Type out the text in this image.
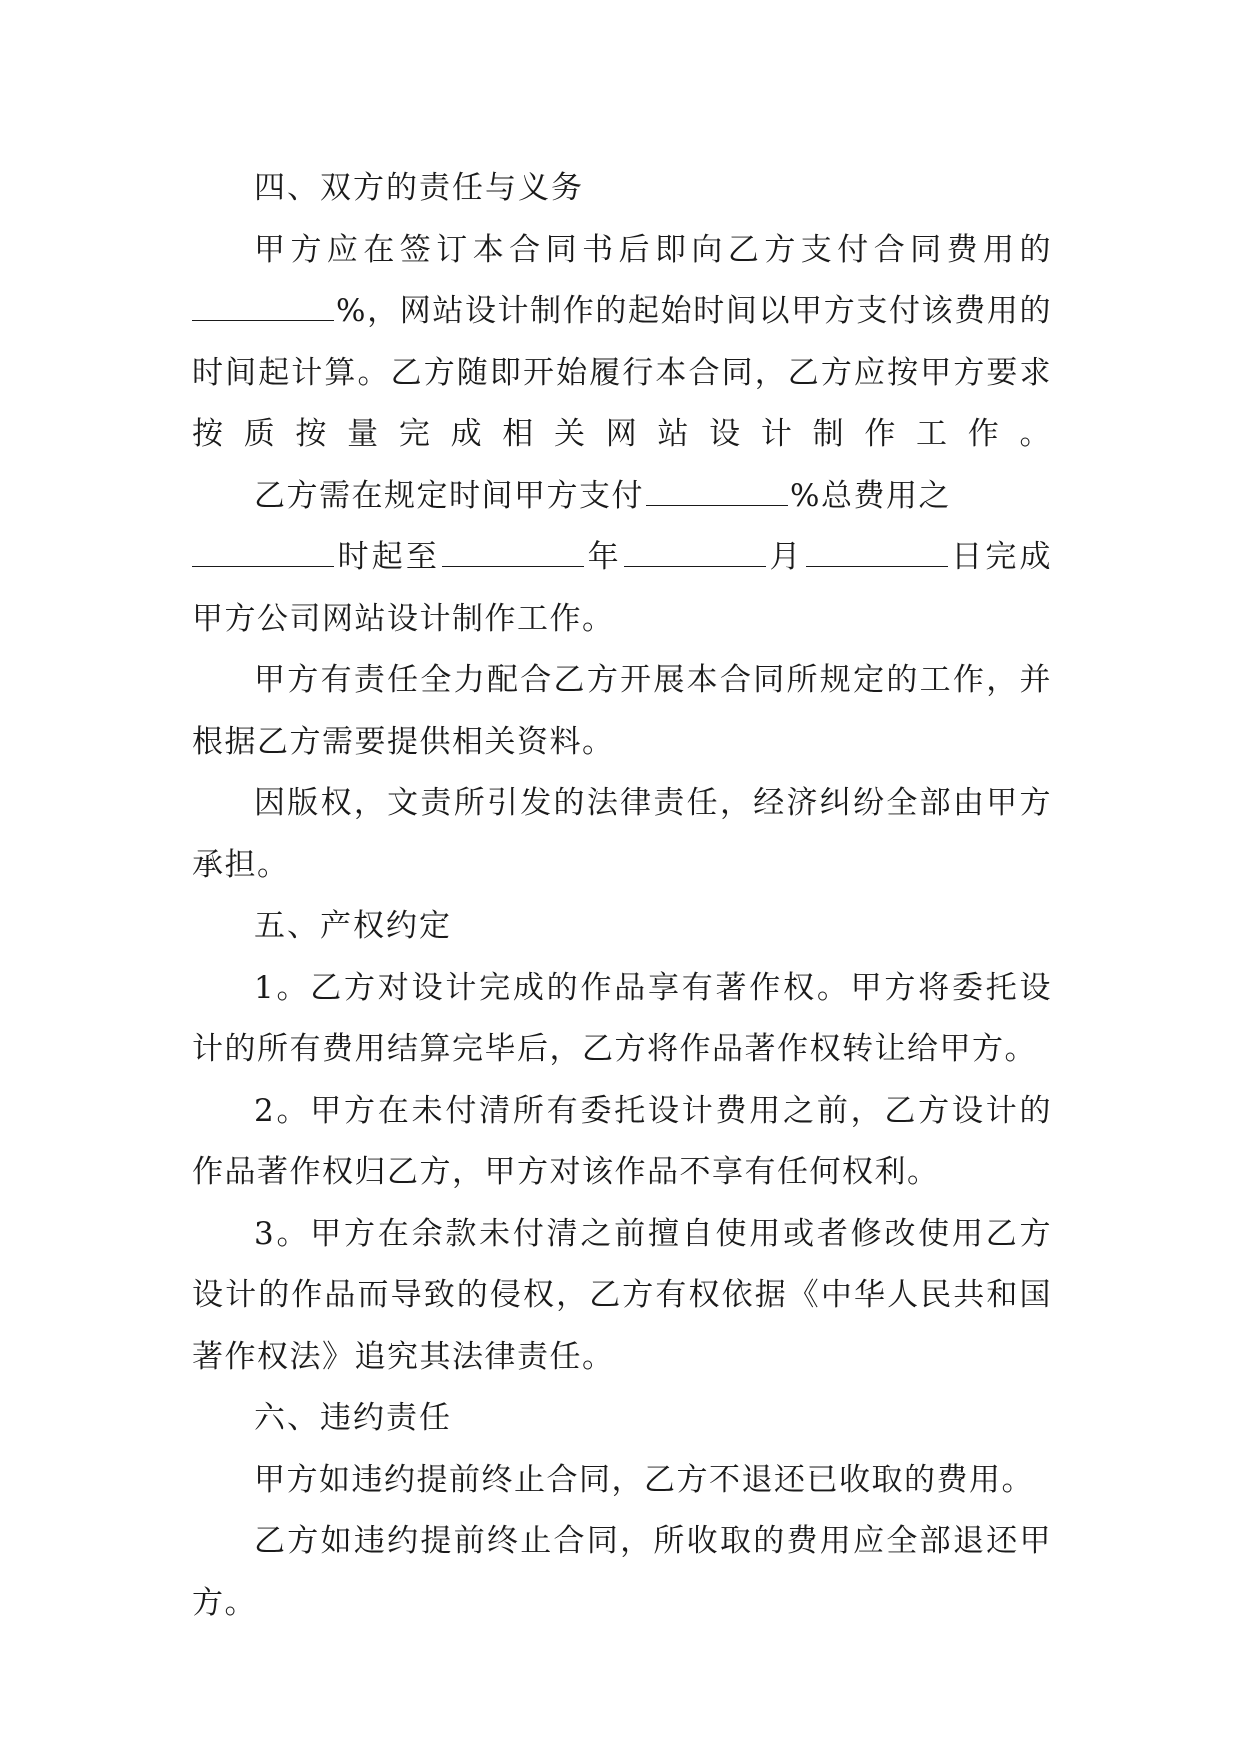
四、双方的责任与义务

甲方应在签订本合同书后即向乙方支付合同费用的
%，网站设计制作的起始时间以甲方支付该费用的时间起计算。乙方随即开始履行本合同，乙方应按甲方要求按质按量完成相关网站设计制作工作。

乙方需在规定时间甲方支付	%总费用之
时起至	年	月	日完成甲方公司网站设计制作工作。

甲方有责任全力配合乙方开展本合同所规定的工作，并根据乙方需要提供相关资料。

因版权，文责所引发的法律责任，经济纠纷全部由甲方承担。

五、产权约定

1。乙方对设计完成的作品享有著作权。甲方将委托设计的所有费用结算完毕后，乙方将作品著作权转让给甲方。

2。甲方在未付清所有委托设计费用之前，乙方设计的作品著作权归乙方，甲方对该作品不享有任何权利。

3。甲方在余款未付清之前擅自使用或者修改使用乙方设计的作品而导致的侵权，乙方有权依据《中华人民共和国著作权法》追究其法律责任。

六、违约责任

甲方如违约提前终止合同，乙方不退还已收取的费用。

乙方如违约提前终止合同，所收取的费用应全部退还甲方。
